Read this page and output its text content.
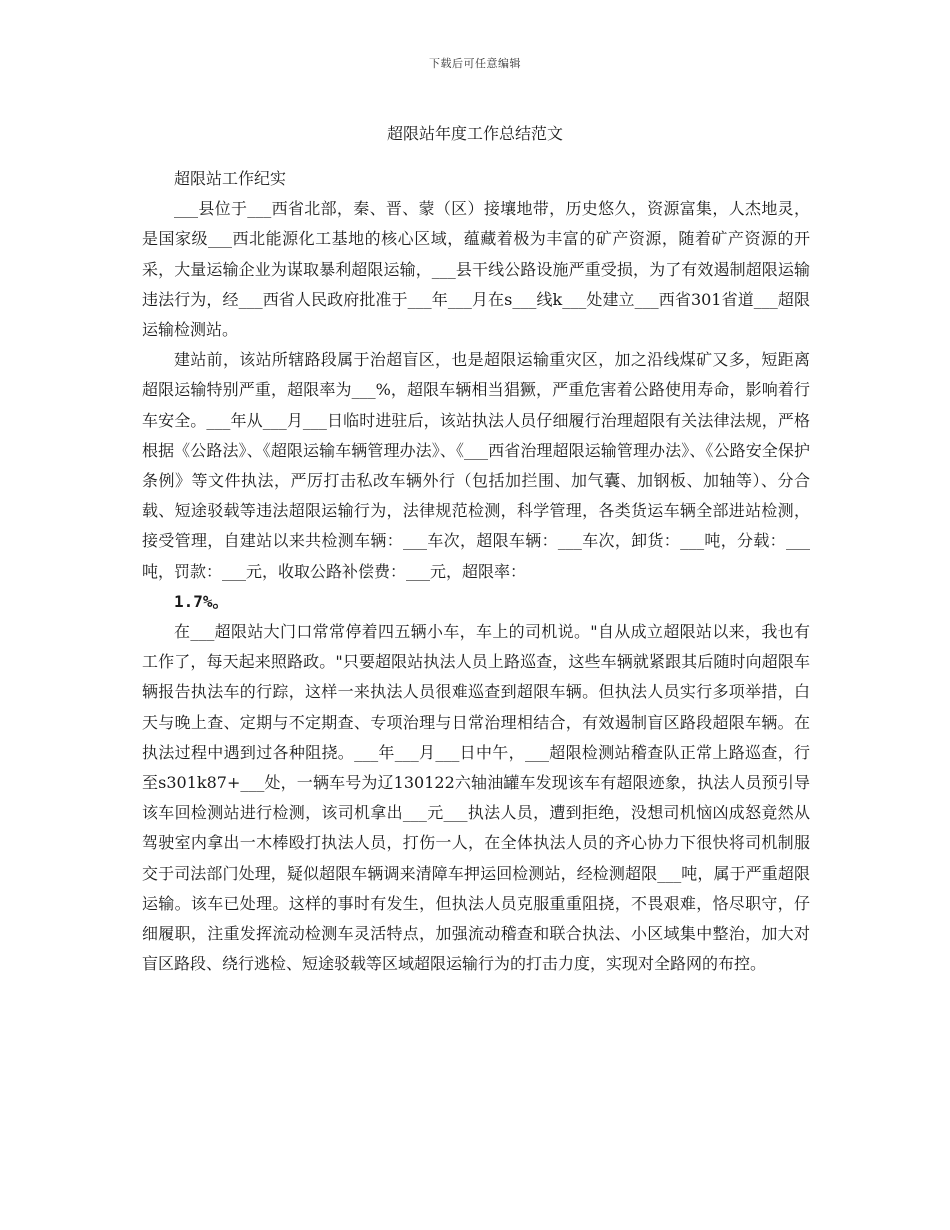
下载后可任意编辑
超限站年度工作总结范文

超限站工作纪实

___县位于___西省北部，秦、晋、蒙（区）接壤地带，历史悠久，资源富集，人杰地灵，是国家级___西北能源化工基地的核心区域，蕴藏着极为丰富的矿产资源，随着矿产资源的开采，大量运输企业为谋取暴利超限运输，___县干线公路设施严重受损，为了有效遏制超限运输违法行为，经___西省人民政府批准于___年___月在s___线k___处建立___西省301省道___超限运输检测站。

建站前，该站所辖路段属于治超盲区，也是超限运输重灾区，加之沿线煤矿又多，短距离超限运输特别严重，超限率为___%，超限车辆相当猖獗，严重危害着公路使用寿命，影响着行车安全。___年从___月___日临时进驻后，该站执法人员仔细履行治理超限有关法律法规，严格根据《公路法》、《超限运输车辆管理办法》、《___西省治理超限运输管理办法》、《公路安全保护条例》等文件执法，严厉打击私改车辆外行（包括加拦围、加气囊、加钢板、加轴等）、分合载、短途驳载等违法超限运输行为，法律规范检测，科学管理，各类货运车辆全部进站检测，接受管理，自建站以来共检测车辆：___车次，超限车辆：___车次，卸货：___吨，分载：___吨，罚款：___元，收取公路补偿费：___元，超限率：

1.7%。

在___超限站大门口常常停着四五辆小车，车上的司机说。"自从成立超限站以来，我也有工作了，每天起来照路政。"只要超限站执法人员上路巡查，这些车辆就紧跟其后随时向超限车辆报告执法车的行踪，这样一来执法人员很难巡查到超限车辆。但执法人员实行多项举措，白天与晚上查、定期与不定期查、专项治理与日常治理相结合，有效遏制盲区路段超限车辆。在执法过程中遇到过各种阻挠。___年___月___日中午，___超限检测站稽查队正常上路巡查，行至s301k87+___处，一辆车号为辽130122六轴油罐车发现该车有超限迹象，执法人员预引导该车回检测站进行检测，该司机拿出___元___执法人员，遭到拒绝，没想司机恼凶成怒竟然从驾驶室内拿出一木棒殴打执法人员，打伤一人，在全体执法人员的齐心协力下很快将司机制服交于司法部门处理，疑似超限车辆调来清障车押运回检测站，经检测超限___吨，属于严重超限运输。该车已处理。这样的事时有发生，但执法人员克服重重阻挠，不畏艰难，恪尽职守，仔细履职，注重发挥流动检测车灵活特点，加强流动稽查和联合执法、小区域集中整治，加大对盲区路段、绕行逃检、短途驳载等区域超限运输行为的打击力度，实现对全路网的布控。
